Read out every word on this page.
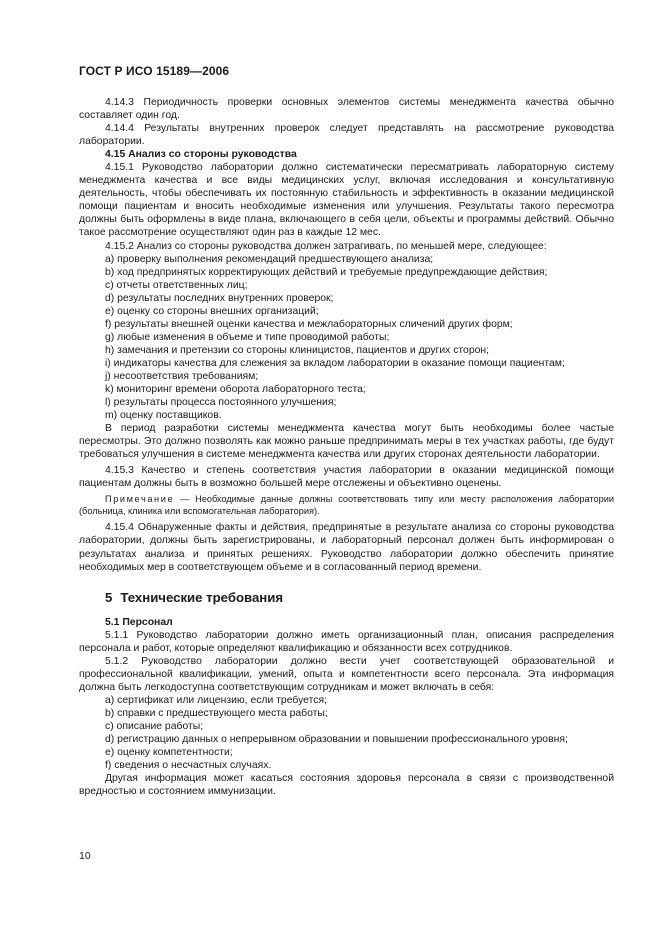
ГОСТ Р ИСО 15189—2006

4.14.3 Периодичность проверки основных элементов системы менеджмента качества обычно составляет один год.

4.14.4 Результаты внутренних проверок следует представлять на рассмотрение руководства лаборатории.

4.15 Анализ со стороны руководства

4.15.1 Руководство лаборатории должно систематически пересматривать лабораторную систему менеджмента качества и все виды медицинских услуг, включая исследования и консультативную деятельность, чтобы обеспечивать их постоянную стабильность и эффективность в оказании медицинской помощи пациентам и вносить необходимые изменения или улучшения. Результаты такого пересмотра должны быть оформлены в виде плана, включающего в себя цели, объекты и программы действий. Обычно такое рассмотрение осуществляют один раз в каждые 12 мес.

4.15.2 Анализ со стороны руководства должен затрагивать, по меньшей мере, следующее:

a) проверку выполнения рекомендаций предшествующего анализа;
b) ход предпринятых корректирующих действий и требуемые предупреждающие действия;
c) отчеты ответственных лиц;
d) результаты последних внутренних проверок;
e) оценку со стороны внешних организаций;
f) результаты внешней оценки качества и межлабораторных сличений других форм;
g) любые изменения в объеме и типе проводимой работы;
h) замечания и претензии со стороны клиницистов, пациентов и других сторон;
i) индикаторы качества для слежения за вкладом лаборатории в оказание помощи пациентам;
j) несоответствия требованиям;
k) мониторинг времени оборота лабораторного теста;
l) результаты процесса постоянного улучшения;
m) оценку поставщиков.

В период разработки системы менеджмента качества могут быть необходимы более частые пересмотры. Это должно позволять как можно раньше предпринимать меры в тех участках работы, где будут требоваться улучшения в системе менеджмента качества или других сторонах деятельности лаборатории.

4.15.3 Качество и степень соответствия участия лаборатории в оказании медицинской помощи пациентам должны быть в возможно большей мере отслежены и объективно оценены.

Примечание — Необходимые данные должны соответствовать типу или месту расположения лаборатории (больница, клиника или вспомогательная лаборатория).

4.15.4 Обнаруженные факты и действия, предпринятые в результате анализа со стороны руководства лаборатории, должны быть зарегистрированы, и лабораторный персонал должен быть информирован о результатах анализа и принятых решениях. Руководство лаборатории должно обеспечить принятие необходимых мер в соответствующем объеме и в согласованный период времени.

5 Технические требования

5.1 Персонал

5.1.1 Руководство лаборатории должно иметь организационный план, описания распределения персонала и работ, которые определяют квалификацию и обязанности всех сотрудников.

5.1.2 Руководство лаборатории должно вести учет соответствующей образовательной и профессиональной квалификации, умений, опыта и компетентности всего персонала. Эта информация должна быть легкодоступна соответствующим сотрудникам и может включать в себя:

a) сертификат или лицензию, если требуется;
b) справки с предшествующего места работы;
c) описание работы;
d) регистрацию данных о непрерывном образовании и повышении профессионального уровня;
e) оценку компетентности;
f) сведения о несчастных случаях.

Другая информация может касаться состояния здоровья персонала в связи с производственной вредностью и состоянием иммунизации.

10
